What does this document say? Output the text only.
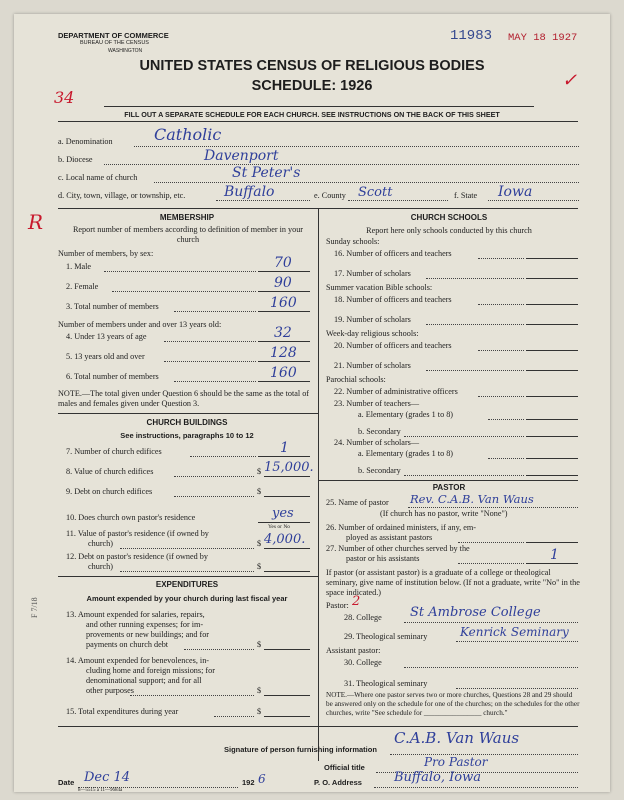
DEPARTMENT OF COMMERCE
BUREAU OF THE CENSUS
WASHINGTON
11983 MAY 18 1927
✓
UNITED STATES CENSUS OF RELIGIOUS BODIES
SCHEDULE: 1926
34
FILL OUT A SEPARATE SCHEDULE FOR EACH CHURCH. SEE INSTRUCTIONS ON THE BACK OF THIS SHEET
a. Denomination	Catholic
b. Diocese	Davenport
c. Local name of church	St Peter's
d. City, town, village, or township, etc.	Buffalo	e. County Scott	f. State Iowa
R	MEMBERSHIP
Report number of members according to definition of member in your church
Number of members, by sex:
1. Male	70
2. Female	90
3. Total number of members	160
Number of members under and over 13 years old:
4. Under 13 years of age	32
5. 13 years old and over	128
6. Total number of members	160
NOTE.—The total given under Question 6 should be the same as the total of males and females given under Question 3.
CHURCH BUILDINGS
See instructions, paragraphs 10 to 12
7. Number of church edifices	1
8. Value of church edifices	$ 15,000.
9. Debt on church edifices	$
10. Does church own pastor's residence	yes
Yes or No
11. Value of pastor's residence (if owned by
church)	$ 4,000.
12. Debt on pastor's residence (if owned by
church)	$
EXPENDITURES
Amount expended by your church during last fiscal year
13. Amount expended for salaries, repairs,
and other running expenses; for im-
provements or new buildings; and for
payments on church debt	$
14. Amount expended for benevolences, in-
cluding home and foreign missions; for
denominational support; and for all
other purposes	$
15. Total expenditures during year	$
F 7/18
CHURCH SCHOOLS
Report here only schools conducted by this church
Sunday schools:
16. Number of officers and teachers
17. Number of scholars
Summer vacation Bible schools:
18. Number of officers and teachers
19. Number of scholars
Week-day religious schools:
20. Number of officers and teachers
21. Number of scholars
Parochial schools:
22. Number of administrative officers
23. Number of teachers—
a. Elementary (grades 1 to 8)
b. Secondary
24. Number of scholars—
a. Elementary (grades 1 to 8)
b. Secondary
PASTOR
25. Name of pastor Rev. C.A.B. Van Waus
(If church has no pastor, write "None")
26. Number of ordained ministers, if any, em-
ployed as assistant pastors
27. Number of other churches served by the
pastor or his assistants	1
If pastor (or assistant pastor) is a graduate of a college or theological seminary, give name of institution below. (If not a graduate, write "No" in the space indicated.)
Pastor: 2
28. College St Ambrose College
29. Theological seminary	Kenrick Seminary
Assistant pastor:
30. College
31. Theological seminary
NOTE.—Where one pastor serves two or more churches, Questions 28 and 29 should be answered only on the schedule for one of the churches; on the schedules for the other churches, write "See schedule for ________________ church."
Signature of person furnishing information
C.A.B. Van Waus
Official title	Pro Pastor
Date Dec 14	192 6	P. O. Address Buffalo, Iowa
8—5515 a 11—9684a
